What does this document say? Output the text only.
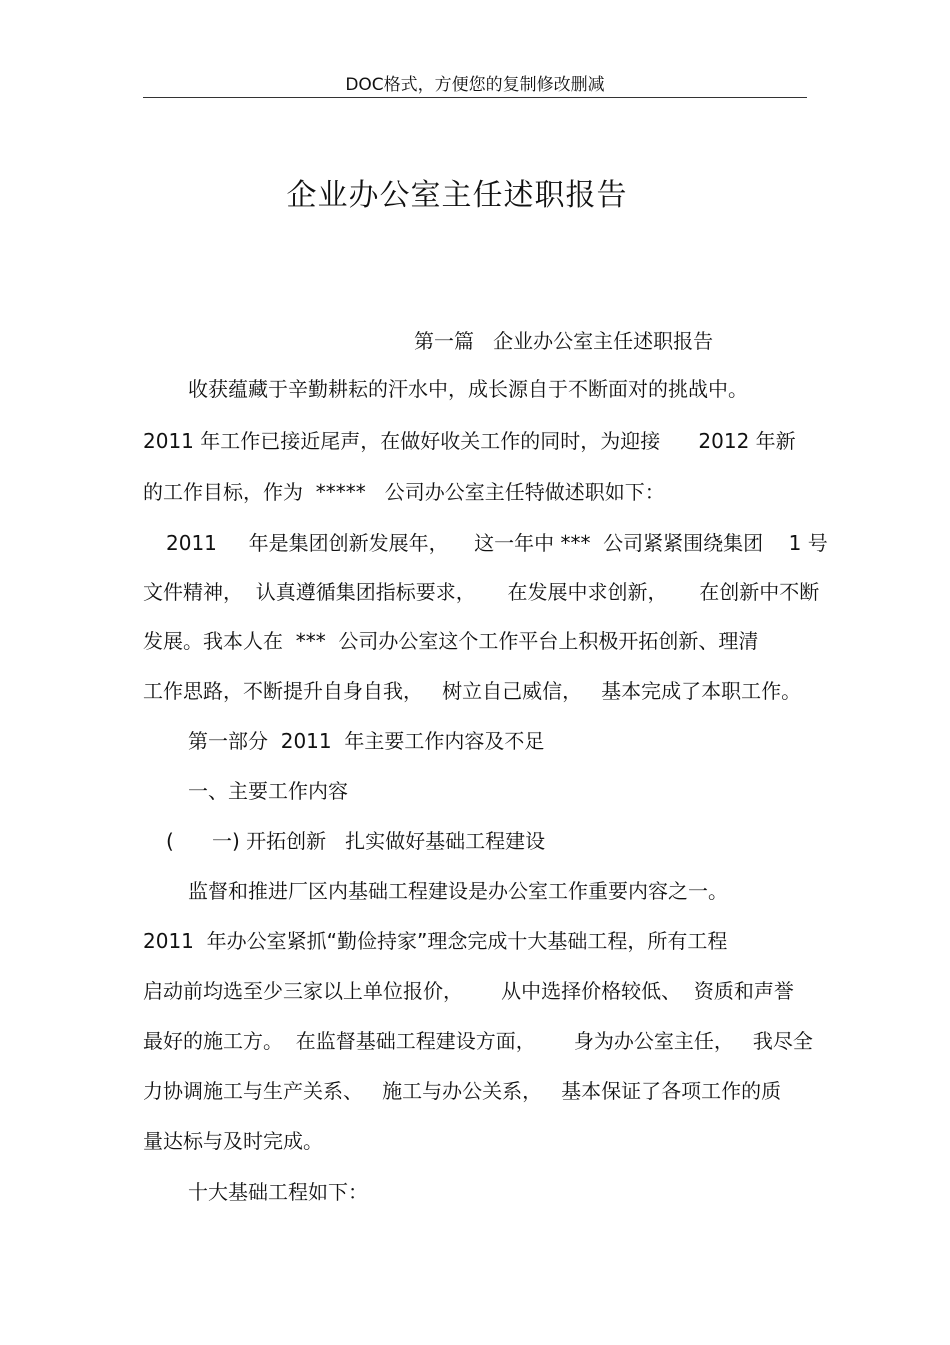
DOC格式，方便您的复制修改删减
企业办公室主任述职报告
第一篇   企业办公室主任述职报告
收获蕴藏于辛勤耕耘的汗水中，成长源自于不断面对的挑战中。
2011 年工作已接近尾声，在做好收关工作的同时，为迎接      2012 年新
的工作目标，作为  *****   公司办公室主任特做述职如下：
2011     年是集团创新发展年，    这一年中 ***  公司紧紧围绕集团    1 号
文件精神，  认真遵循集团指标要求，     在发展中求创新，     在创新中不断
发展。我本人在  ***  公司办公室这个工作平台上积极开拓创新、理清
工作思路，不断提升自身自我，   树立自己威信，   基本完成了本职工作。
第一部分  2011  年主要工作内容及不足
一、主要工作内容
(      一) 开拓创新   扎实做好基础工程建设
监督和推进厂区内基础工程建设是办公室工作重要内容之一。
2011  年办公室紧抓“勤俭持家”理念完成十大基础工程，所有工程
启动前均选至少三家以上单位报价，      从中选择价格较低、  资质和声誉
最好的施工方。  在监督基础工程建设方面，      身为办公室主任，   我尽全
力协调施工与生产关系、   施工与办公关系，   基本保证了各项工作的质
量达标与及时完成。
十大基础工程如下：
